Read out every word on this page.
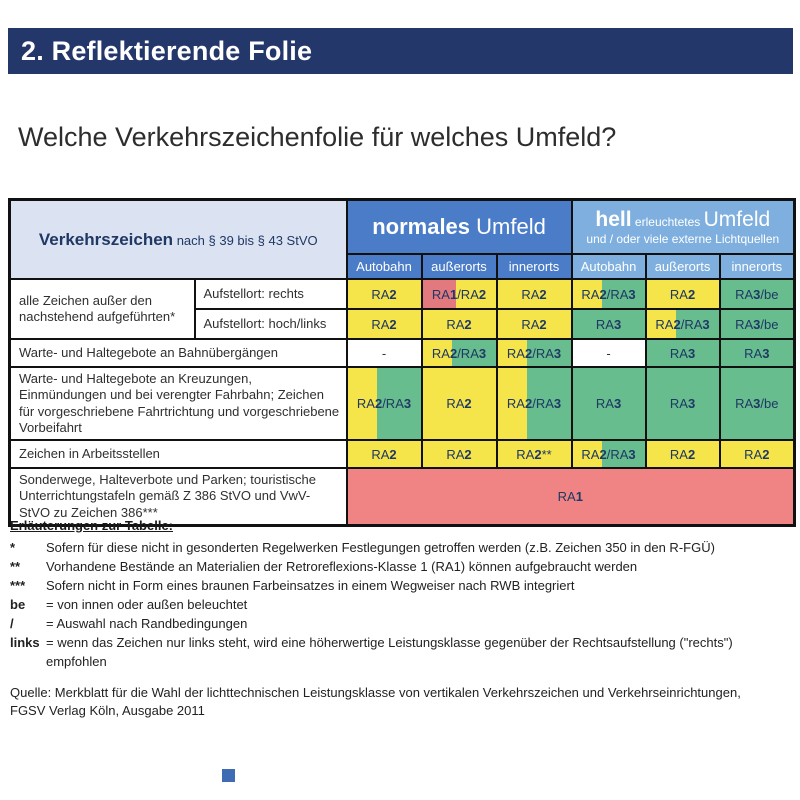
2. Reflektierende Folie
Welche Verkehrszeichenfolie für welches Umfeld?
Verkehrszeichen nach § 39 bis § 43 StVO		normales Umfeld			hell erleuchtetes Umfeld
und / oder viele externe Lichtquellen		

		Autobahn	außerorts	innerorts	Autobahn	außerorts	innerorts
alle Zeichen außer den nachstehend aufgeführten*	Aufstellort: rechts	RA2	RA1/RA2	RA2	RA2/RA3	RA2	RA3/be
	Aufstellort: hoch/links	RA2	RA2	RA2	RA3	RA2/RA3	RA3/be
Warte- und Haltegebote an Bahnübergängen		-	RA2/RA3	RA2/RA3	-	RA3	RA3
Warte- und Haltegebote an Kreuzungen, Einmündungen und bei verengter Fahrbahn; Zeichen für vorgeschriebene Fahrtrichtung und vorgeschriebene Vorbeifahrt		RA2/RA3	RA2	RA2/RA3	RA3	RA3	RA3/be
Zeichen in Arbeitsstellen		RA2	RA2	RA2**	RA2/RA3	RA2	RA2
Sonderwege, Halteverbote und Parken; touristische Unterrichtungstafeln gemäß Z 386 StVO und VwV-StVO zu Zeichen 386***		RA1					
Erläuterungen zur Tabelle:
*	Sofern für diese nicht in gesonderten Regelwerken Festlegungen getroffen werden (z.B. Zeichen 350 in den R-FGÜ)
**	Vorhandene Bestände an Materialien der Retroreflexions-Klasse 1 (RA1) können aufgebraucht werden
***	Sofern nicht in Form eines braunen Farbeinsatzes in einem Wegweiser nach RWB integriert
be	= von innen oder außen beleuchtet
/	= Auswahl nach Randbedingungen
links = wenn das Zeichen nur links steht, wird eine höherwertige Leistungsklasse gegenüber der Rechtsaufstellung ("rechts") empfohlen
Quelle: Merkblatt für die Wahl der lichttechnischen Leistungsklasse von vertikalen Verkehrszeichen und Verkehrseinrichtungen,
FGSV Verlag Köln, Ausgabe 2011
